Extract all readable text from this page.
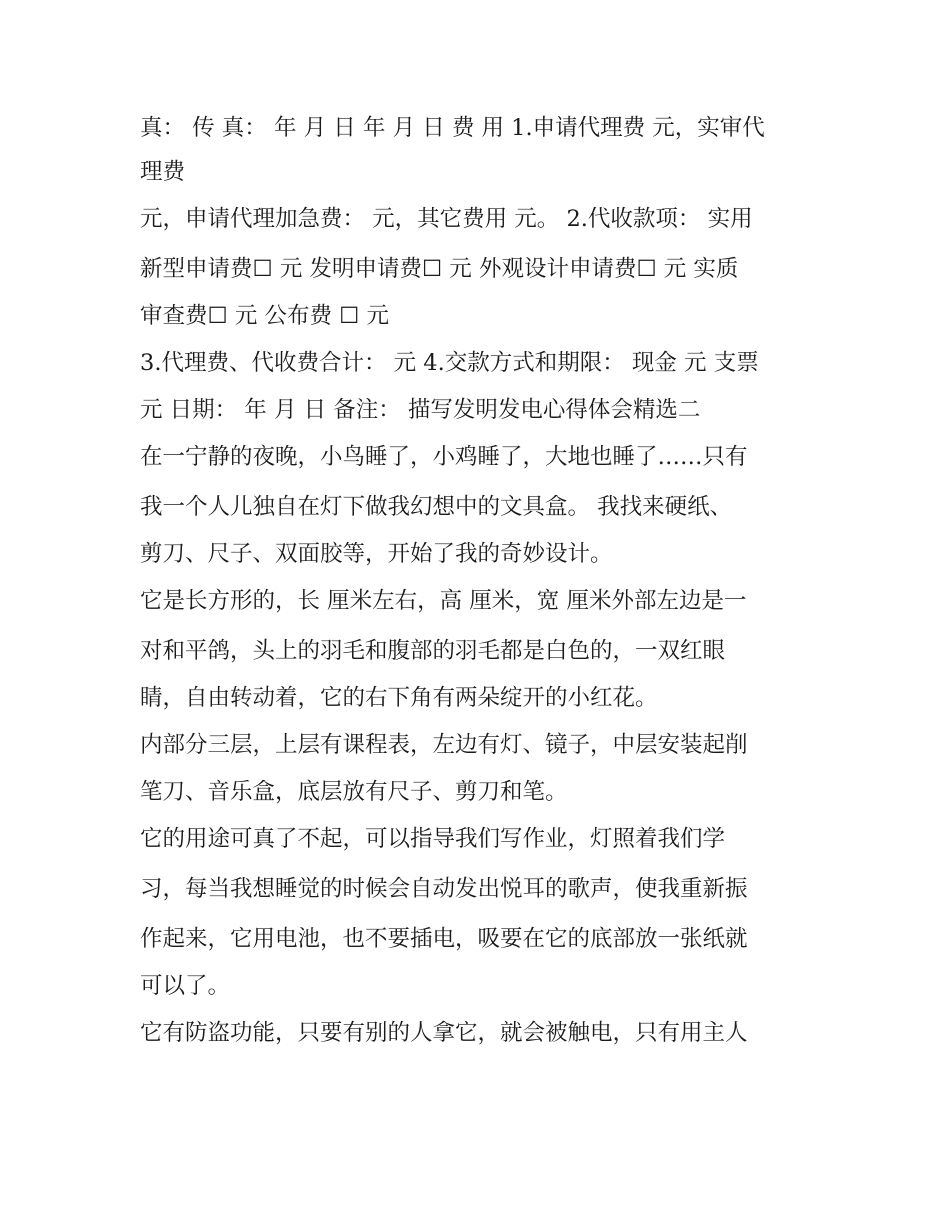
真： 传 真： 年 月 日 年 月 日 费 用 1.申请代理费 元，实审代
理费
元，申请代理加急费： 元，其它费用 元。 2.代收款项： 实用
新型申请费☐ 元 发明申请费☐ 元 外观设计申请费☐ 元 实质
审查费☐ 元 公布费 ☐ 元
3.代理费、代收费合计： 元 4.交款方式和期限： 现金 元 支票
元 日期： 年 月 日 备注： 描写发明发电心得体会精选二
在一宁静的夜晚，小鸟睡了，小鸡睡了，大地也睡了……只有
我一个人儿独自在灯下做我幻想中的文具盒。 我找来硬纸、
剪刀、尺子、双面胶等，开始了我的奇妙设计。
它是长方形的，长 厘米左右，高 厘米，宽 厘米外部左边是一
对和平鸽，头上的羽毛和腹部的羽毛都是白色的，一双红眼
睛，自由转动着，它的右下角有两朵绽开的小红花。
内部分三层，上层有课程表，左边有灯、镜子，中层安装起削
笔刀、音乐盒，底层放有尺子、剪刀和笔。
它的用途可真了不起，可以指导我们写作业，灯照着我们学
习，每当我想睡觉的时候会自动发出悦耳的歌声，使我重新振
作起来，它用电池，也不要插电，吸要在它的底部放一张纸就
可以了。
它有防盗功能，只要有别的人拿它，就会被触电，只有用主人
